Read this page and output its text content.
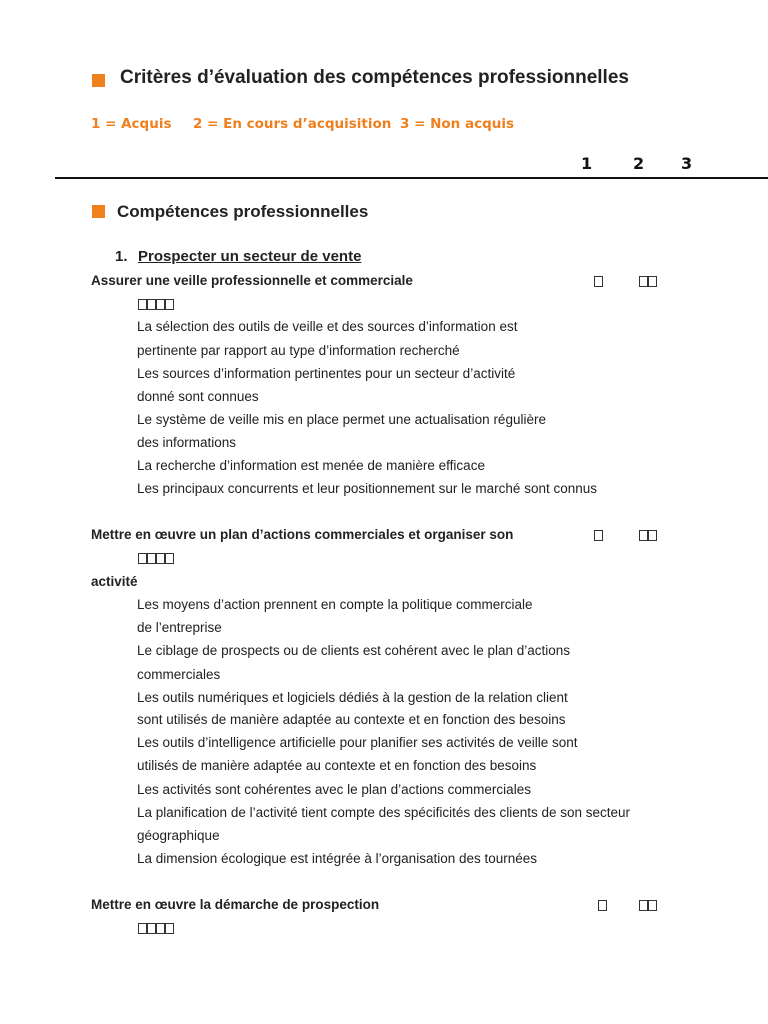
Critères d’évaluation des compétences professionnelles
1 = Acquis 2 = En cours d’acquisition 3 = Non acquis
1	2 3
Compétences professionnelles
1. Prospecter un secteur de vente
Assurer une veille professionnelle et commerciale
La sélection des outils de veille et des sources d’information est
pertinente par rapport au type d’information recherché
Les sources d’information pertinentes pour un secteur d’activité
donné sont connues
Le système de veille mis en place permet une actualisation régulière
des informations
La recherche d’information est menée de manière efficace
Les principaux concurrents et leur positionnement sur le marché sont connus
Mettre en œuvre un plan d’actions commerciales et organiser son
activité
Les moyens d’action prennent en compte la politique commerciale
de l’entreprise
Le ciblage de prospects ou de clients est cohérent avec le plan d’actions
commerciales
Les outils numériques et logiciels dédiés à la gestion de la relation client
sont utilisés de manière adaptée au contexte et en fonction des besoins
Les outils d’intelligence artificielle pour planifier ses activités de veille sont
utilisés de manière adaptée au contexte et en fonction des besoins
Les activités sont cohérentes avec le plan d’actions commerciales
La planification de l’activité tient compte des spécificités des clients de son secteur
géographique
La dimension écologique est intégrée à l’organisation des tournées
Mettre en œuvre la démarche de prospection
